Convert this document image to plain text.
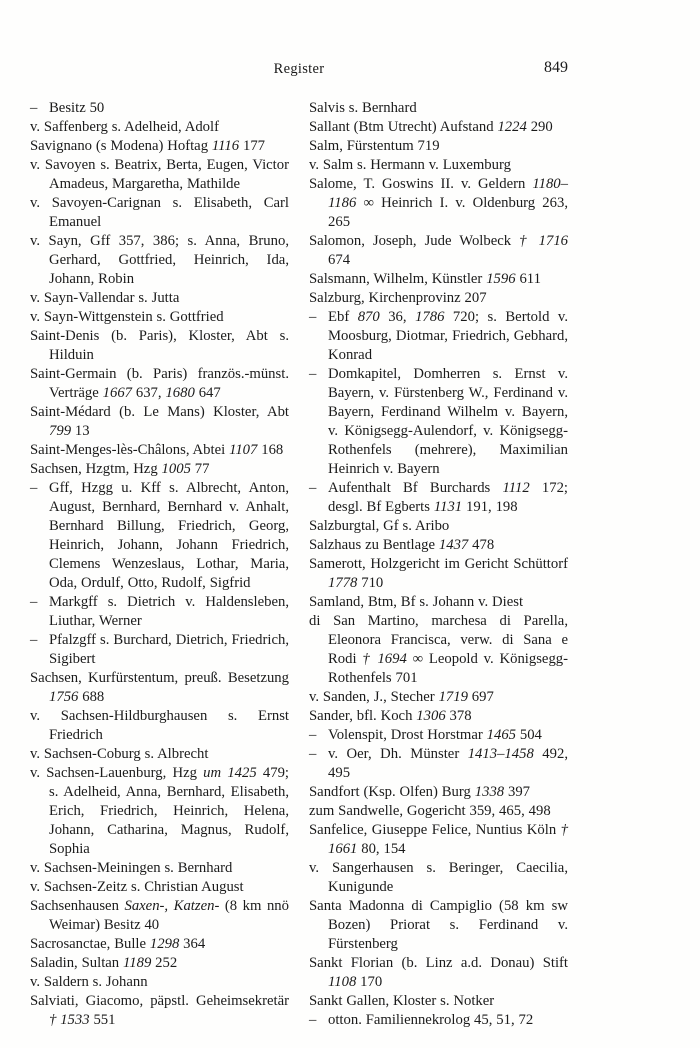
Register	849

– Besitz 50

v. Saffenberg s. Adelheid, Adolf

Savignano (s Modena) Hoftag 1116 177

v. Savoyen s. Beatrix, Berta, Eugen, Victor Amadeus, Margaretha, Mathilde

v. Savoyen-Carignan s. Elisabeth, Carl Emanuel

v. Sayn, Gff 357, 386; s. Anna, Bruno, Gerhard, Gottfried, Heinrich, Ida, Johann, Robin

v. Sayn-Vallendar s. Jutta

v. Sayn-Wittgenstein s. Gottfried

Saint-Denis (b. Paris), Kloster, Abt s. Hilduin

Saint-Germain (b. Paris) französ.-münst. Verträge 1667 637, 1680 647

Saint-Médard (b. Le Mans) Kloster, Abt 799 13

Saint-Menges-lès-Châlons, Abtei 1107 168

Sachsen, Hzgtm, Hzg 1005 77

– Gff, Hzgg u. Kff s. Albrecht, Anton, August, Bernhard, Bernhard v. Anhalt, Bernhard Billung, Friedrich, Georg, Heinrich, Johann, Johann Friedrich, Clemens Wenzeslaus, Lothar, Maria, Oda, Ordulf, Otto, Rudolf, Sigfrid

– Markgff s. Dietrich v. Haldensleben, Liuthar, Werner

– Pfalzgff s. Burchard, Dietrich, Friedrich, Sigibert

Sachsen, Kurfürstentum, preuß. Besetzung 1756 688

v. Sachsen-Hildburghausen s. Ernst Friedrich

v. Sachsen-Coburg s. Albrecht

v. Sachsen-Lauenburg, Hzg um 1425 479; s. Adelheid, Anna, Bernhard, Elisabeth, Erich, Friedrich, Heinrich, Helena, Johann, Catharina, Magnus, Rudolf, Sophia

v. Sachsen-Meiningen s. Bernhard

v. Sachsen-Zeitz s. Christian August

Sachsenhausen Saxen-, Katzen- (8 km nnö Weimar) Besitz 40

Sacrosanctae, Bulle 1298 364

Saladin, Sultan 1189 252

v. Saldern s. Johann

Salviati, Giacomo, päpstl. Geheimsekretär † 1533 551

Salvis s. Bernhard

Sallant (Btm Utrecht) Aufstand 1224 290

Salm, Fürstentum 719

v. Salm s. Hermann v. Luxemburg

Salome, T. Goswins II. v. Geldern 1180–1186 ∞ Heinrich I. v. Oldenburg 263, 265

Salomon, Joseph, Jude Wolbeck † 1716 674

Salsmann, Wilhelm, Künstler 1596 611

Salzburg, Kirchenprovinz 207

– Ebf 870 36, 1786 720; s. Bertold v. Moosburg, Diotmar, Friedrich, Gebhard, Konrad

– Domkapitel, Domherren s. Ernst v. Bayern, v. Fürstenberg W., Ferdinand v. Bayern, Ferdinand Wilhelm v. Bayern, v. Königsegg-Aulendorf, v. Königsegg-Rothenfels (mehrere), Maximilian Heinrich v. Bayern

– Aufenthalt Bf Burchards 1112 172; desgl. Bf Egberts 1131 191, 198

Salzburgtal, Gf s. Aribo

Salzhaus zu Bentlage 1437 478

Samerott, Holzgericht im Gericht Schüttorf 1778 710

Samland, Btm, Bf s. Johann v. Diest

di San Martino, marchesa di Parella, Eleonora Francisca, verw. di Sana e Rodi † 1694 ∞ Leopold v. Königsegg-Rothenfels 701

v. Sanden, J., Stecher 1719 697

Sander, bfl. Koch 1306 378

– Volenspit, Drost Horstmar 1465 504

– v. Oer, Dh. Münster 1413–1458 492, 495

Sandfort (Ksp. Olfen) Burg 1338 397

zum Sandwelle, Gogericht 359, 465, 498

Sanfelice, Giuseppe Felice, Nuntius Köln † 1661 80, 154

v. Sangerhausen s. Beringer, Caecilia, Kunigunde

Santa Madonna di Campiglio (58 km sw Bozen) Priorat s. Ferdinand v. Fürstenberg

Sankt Florian (b. Linz a.d. Donau) Stift 1108 170

Sankt Gallen, Kloster s. Notker

– otton. Familiennekrolog 45, 51, 72
